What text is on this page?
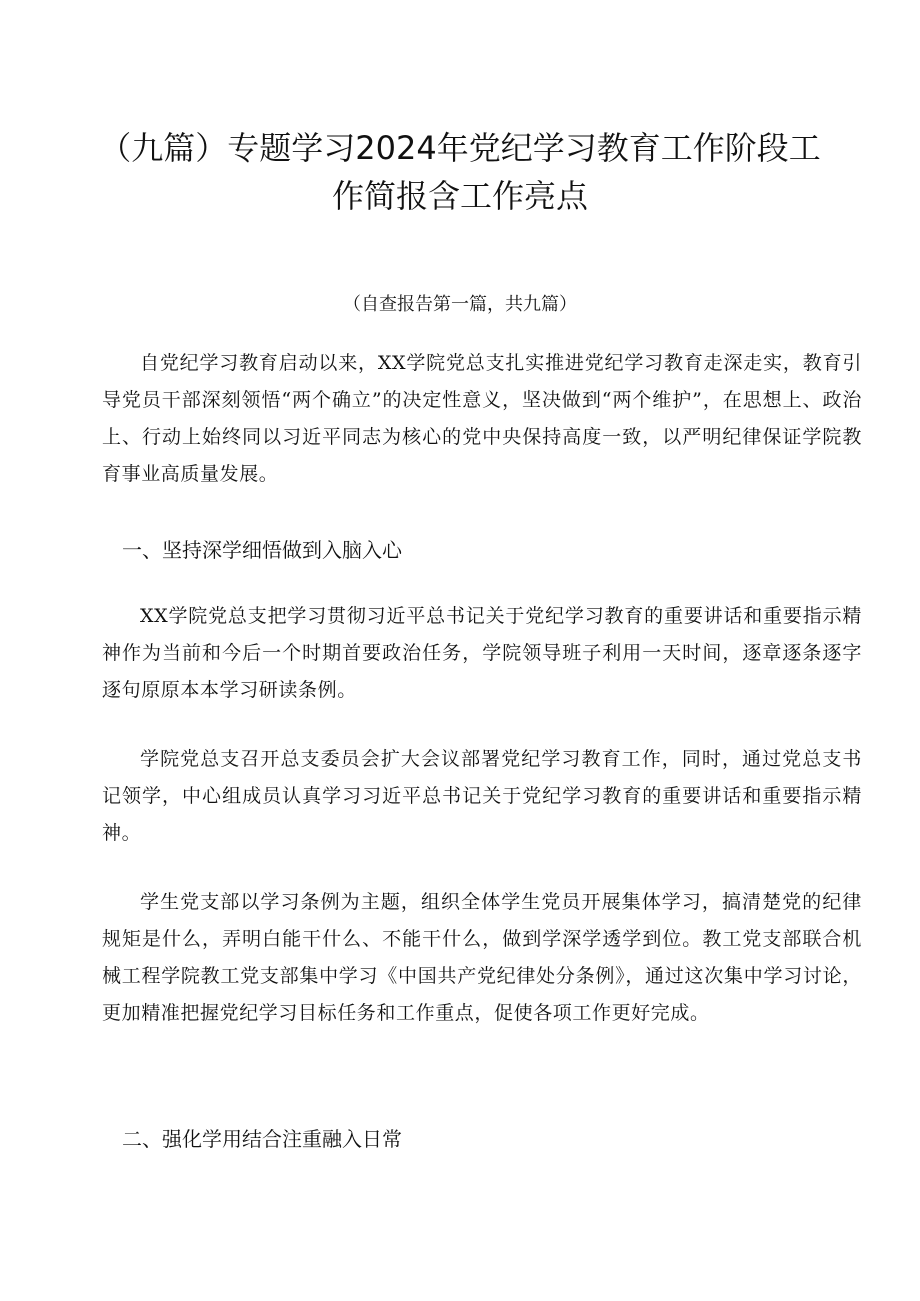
（九篇）专题学习2024年党纪学习教育工作阶段工
作简报含工作亮点

（自查报告第一篇，共九篇）

自党纪学习教育启动以来，XX学院党总支扎实推进党纪学习教育走深走实，教育引导党员干部深刻领悟“两个确立”的决定性意义，坚决做到“两个维护”，在思想上、政治上、行动上始终同以习近平同志为核心的党中央保持高度一致，以严明纪律保证学院教育事业高质量发展。

一、坚持深学细悟做到入脑入心

XX学院党总支把学习贯彻习近平总书记关于党纪学习教育的重要讲话和重要指示精神作为当前和今后一个时期首要政治任务，学院领导班子利用一天时间，逐章逐条逐字逐句原原本本学习研读条例。

学院党总支召开总支委员会扩大会议部署党纪学习教育工作，同时，通过党总支书记领学，中心组成员认真学习习近平总书记关于党纪学习教育的重要讲话和重要指示精神。

学生党支部以学习条例为主题，组织全体学生党员开展集体学习，搞清楚党的纪律规矩是什么，弄明白能干什么、不能干什么，做到学深学透学到位。教工党支部联合机械工程学院教工党支部集中学习《中国共产党纪律处分条例》，通过这次集中学习讨论，更加精准把握党纪学习目标任务和工作重点，促使各项工作更好完成。

二、强化学用结合注重融入日常
